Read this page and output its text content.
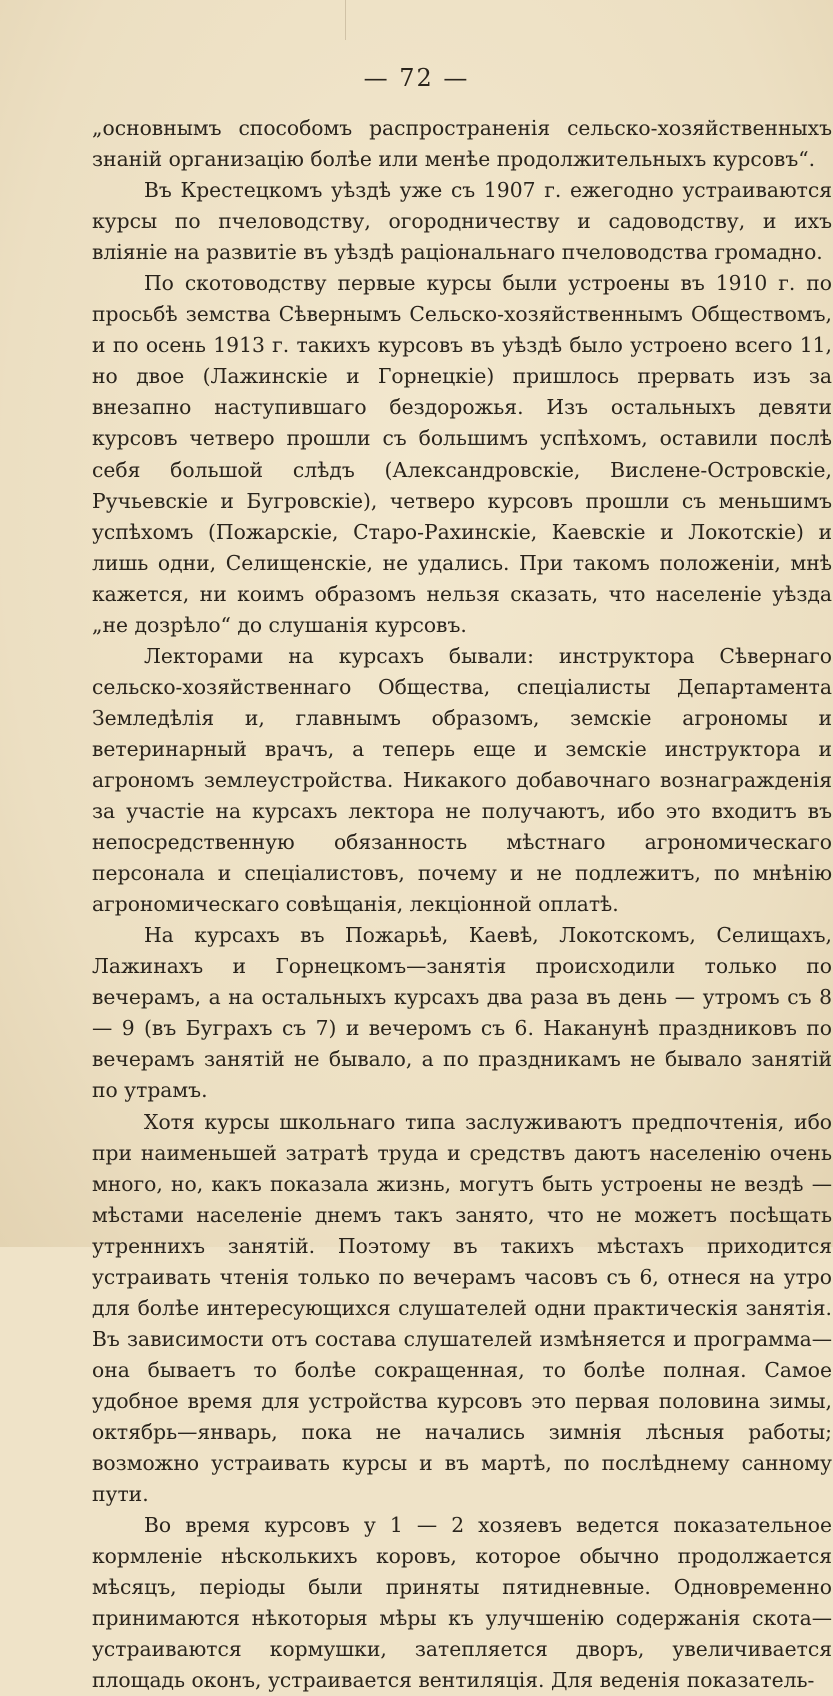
— 72 —

„основнымъ способомъ распространенія сельско-хозяйственныхъ знаній организацію болѣе или менѣе продолжительныхъ курсовъ“.

Въ Крестецкомъ уѣздѣ уже съ 1907 г. ежегодно устраиваются курсы по пчеловодству, огородничеству и садоводству, и ихъ вліяніе на развитіе въ уѣздѣ раціональнаго пчеловодства громадно.

По скотоводству первые курсы были устроены въ 1910 г. по просьбѣ земства Сѣвернымъ Сельско-хозяйственнымъ Обществомъ, и по осень 1913 г. такихъ курсовъ въ уѣздѣ было устроено всего 11, но двое (Лажинскіе и Горнецкіе) пришлось прервать изъ за внезапно наступившаго бездорожья. Изъ остальныхъ девяти курсовъ четверо прошли съ большимъ успѣхомъ, оставили послѣ себя большой слѣдъ (Александровскіе, Висленe-Островскіе, Ручьевскіе и Бугровскіе), четверо курсовъ прошли съ меньшимъ успѣхомъ (Пожарскіе, Старо-Рахинскіе, Каевскіе и Локотскіе) и лишь одни, Селищенскіе, не удались. При такомъ положеніи, мнѣ кажется, ни коимъ образомъ нельзя сказать, что населеніе уѣзда „не дозрѣло“ до слушанія курсовъ.

Лекторами на курсахъ бывали: инструктора Сѣвернаго сельско-хозяйственнаго Общества, спеціалисты Департамента Земледѣлія и, главнымъ образомъ, земскіе агрономы и ветеринарный врачъ, а теперь еще и земскіе инструктора и агрономъ землеустройства. Никакого добавочнаго вознагражденія за участіе на курсахъ лектора не получаютъ, ибо это входитъ въ непосредственную обязанность мѣстнаго агрономическаго персонала и спеціалистовъ, почему и не подлежитъ, по мнѣнію агрономическаго совѣщанія, лекціонной оплатѣ.

На курсахъ въ Пожарьѣ, Каевѣ, Локотскомъ, Селищахъ, Лажинахъ и Горнецкомъ—занятія происходили только по вечерамъ, а на остальныхъ курсахъ два раза въ день — утромъ съ 8 — 9 (въ Буграхъ съ 7) и вечеромъ съ 6. Наканунѣ праздниковъ по вечерамъ занятій не бывало, а по праздникамъ не бывало занятій по утрамъ.

Хотя курсы школьнаго типа заслуживаютъ предпочтенія, ибо при наименьшей затратѣ труда и средствъ даютъ населенію очень много, но, какъ показала жизнь, могутъ быть устроены не вездѣ — мѣстами населеніе днемъ такъ занято, что не можетъ посѣщать утреннихъ занятій. Поэтому въ такихъ мѣстахъ приходится устраивать чтенія только по вечерамъ часовъ съ 6, отнеся на утро для болѣе интересующихся слушателей одни практическія занятія. Въ зависимости отъ состава слушателей измѣняется и программа— она бываетъ то болѣе сокращенная, то болѣе полная. Самое удобное время для устройства курсовъ это первая половина зимы, октябрь—январь, пока не начались зимнія лѣсныя работы; возможно устраивать курсы и въ мартѣ, по послѣднему санному пути.

Во время курсовъ у 1 — 2 хозяевъ ведется показательное кормленіе нѣсколькихъ коровъ, которое обычно продолжается мѣсяцъ, періоды были приняты пятидневные. Одновременно принимаются нѣкоторыя мѣры къ улучшенію содержанія скота—устраиваются кормушки, затепляется дворъ, увеличивается площадь оконъ, устраивается вентиляція. Для веденія показатель-
